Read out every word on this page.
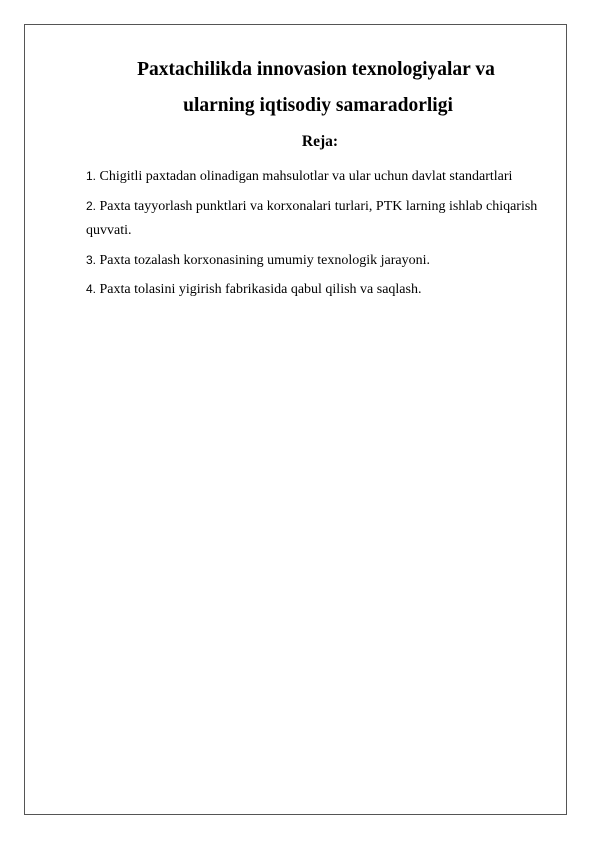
Paxtachilikda innovasion texnologiyalar va
ularning iqtisodiy samaradorligi
Reja:
1. Chigitli paxtadan olinadigan mahsulotlar va ular uchun davlat standartlari
2. Paxta tayyorlash punktlari va korxonalari turlari, PTK larning ishlab chiqarish quvvati.
3. Paxta tozalash korxonasining umumiy texnologik jarayoni.
4. Paxta tolasini yigirish fabrikasida qabul qilish va saqlash.
